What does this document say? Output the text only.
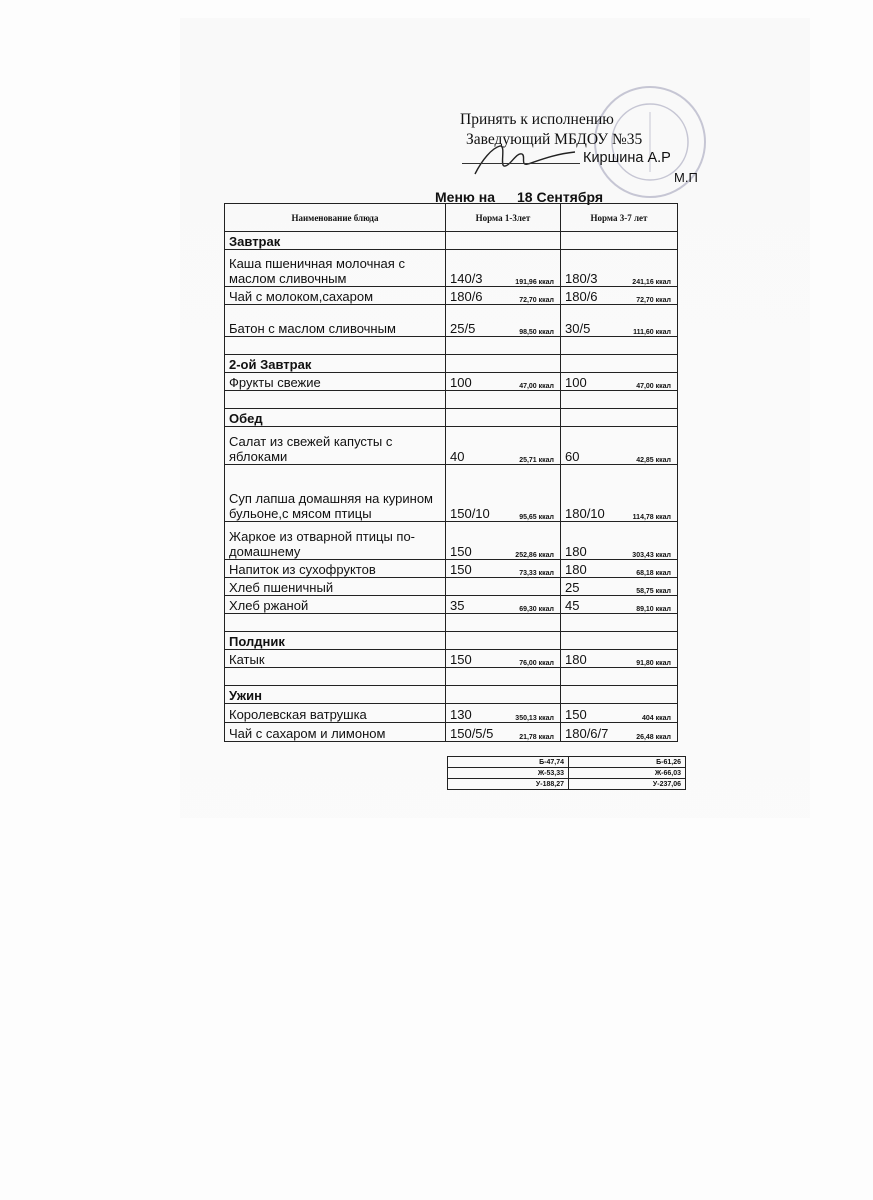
Принять к исполнению
Заведующий МБДОУ №35
Киршина А.Р
М.П
Меню на 18 Сентября
Наименование блюда	Норма 1-3лет	Норма 3-7 лет
Завтрак		
Каша пшеничная молочная с маслом сливочным	140/3 191,96 ккал	180/3 241,16 ккал

Чай с молоком,сахаром	180/6 72,70 ккал	180/6 72,70 ккал

Батон с маслом сливочным	25/5 98,50 ккал	30/5 111,60 ккал

2-ой Завтрак		
Фрукты свежие	100 47,00 ккал	100 47,00 ккал

Обед		
Салат из свежей капусты с яблоками	40 25,71 ккал	60 42,85 ккал

Суп лапша домашняя на курином бульоне,с мясом птицы	150/10 95,65 ккал	180/10 114,78 ккал

Жаркое из отварной птицы по-домашнему	150 252,86 ккал	180 303,43 ккал

Напиток из сухофруктов	150 73,33 ккал	180 68,18 ккал

Хлеб пшеничный		25 58,75 ккал

Хлеб ржаной	35 69,30 ккал	45 89,10 ккал

Полдник		
Катык	150 76,00 ккал	180 91,80 ккал

Ужин		
Королевская ватрушка	130 350,13 ккал	150 404 ккал

Чай с сахаром и лимоном	150/5/5 21,78 ккал	180/6/7 26,48 ккал
Б-47,74	Б-61,26
Ж-53,33	Ж-66,03
У-188,27	У-237,06
